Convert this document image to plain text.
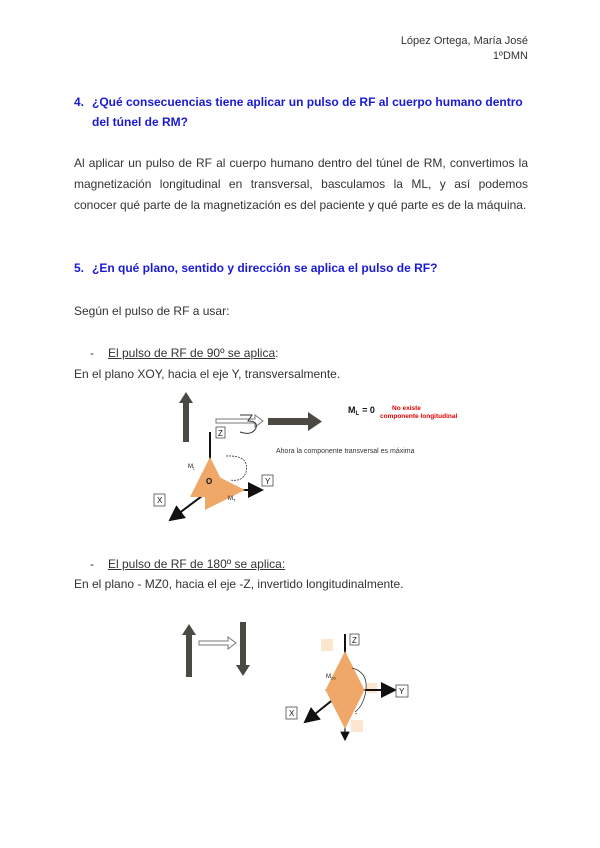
López Ortega, María José
1ºDMN
4. ¿Qué consecuencias tiene aplicar un pulso de RF al cuerpo humano dentro
del túnel de RM?
Al aplicar un pulso de RF al cuerpo humano dentro del túnel de RM, convertimos la magnetización longitudinal en transversal, basculamos la ML, y así podemos conocer qué parte de la magnetización es del paciente y qué parte es de la máquina.
5. ¿En qué plano, sentido y dirección se aplica el pulso de RF?
Según el pulso de RF a usar:
- El pulso de RF de 90º se aplica:
En el plano XOY, hacia el eje Y, transversalmente.
$M_L = 0$	No existe
componente longitudinal
Ahora la componente transversal es máxima
Z
Y
X
O
$M_L$
$M_T$
- El pulso de RF de 180º se aplica:
En el plano - MZ0, hacia el eje -Z, invertido longitudinalmente.
Z
Y
X
$M_{Z0}$
-
